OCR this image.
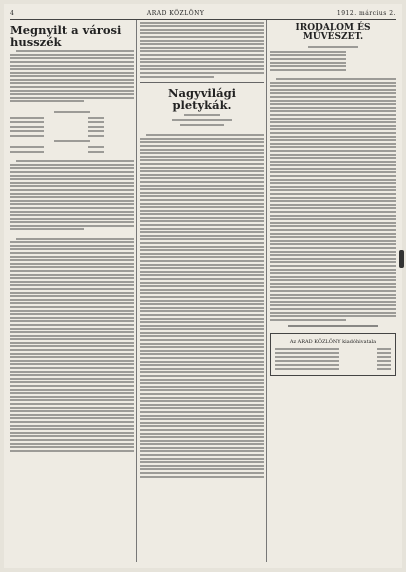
4	ARAD KÖZLÖNY	1912. március 2.
Megnyilt a városi husszék
Nagyvilági pletykák.
IRODALOM ÉS MŰVÉSZET.
Az ARAD KÖZLÖNY kiadóhivatala
